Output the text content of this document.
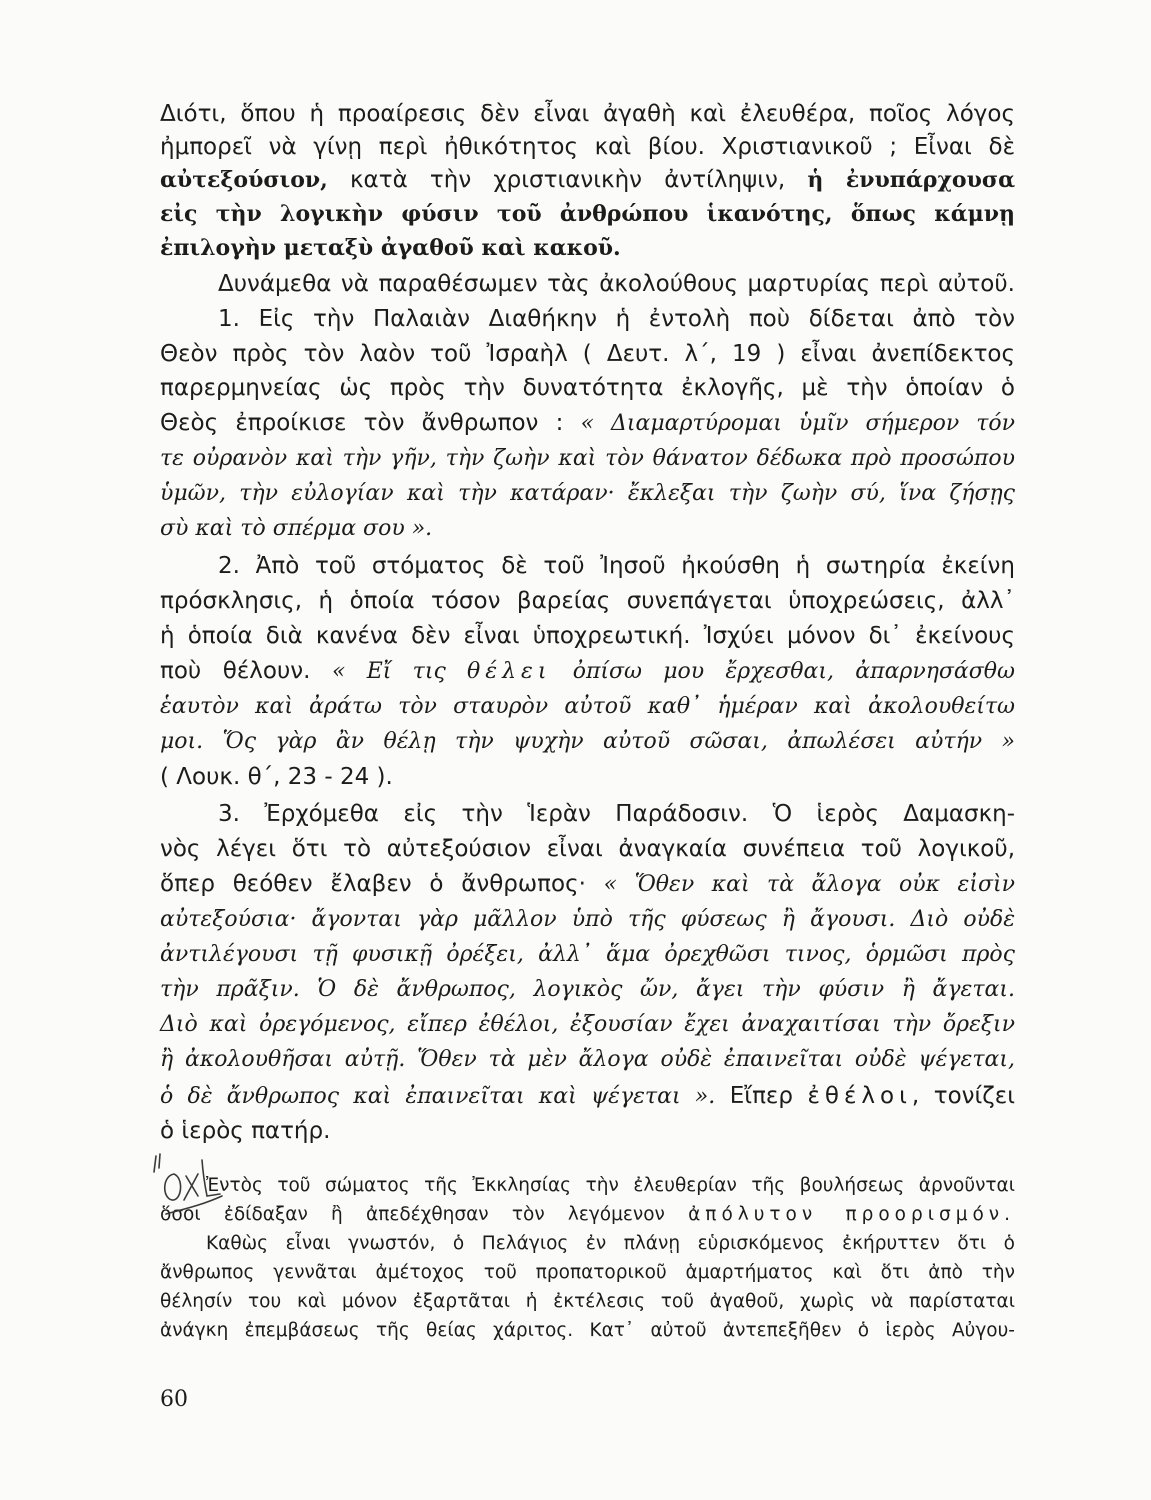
Διότι, ὅπου ἡ προαίρεσις δὲν εἶναι ἀγαθὴ καὶ ἐλευθέρα, ποῖος λόγος
ἠμπορεῖ νὰ γίνῃ περὶ ἠθικότητος καὶ βίου. Χριστιανικοῦ ; Εἶναι δὲ
αὐτεξούσιον, κατὰ τὴν χριστιανικὴν ἀντίληψιν, ἡ ἐνυπάρχουσα
εἰς τὴν λογικὴν φύσιν τοῦ ἀνθρώπου ἱκανότης, ὅπως κάμνῃ
ἐπιλογὴν μεταξὺ ἀγαθοῦ καὶ κακοῦ.
Δυνάμεθα νὰ παραθέσωμεν τὰς ἀκολούθους μαρτυρίας περὶ αὐτοῦ.
1. Εἰς τὴν Παλαιὰν Διαθήκην ἡ ἐντολὴ ποὺ δίδεται ἀπὸ τὸν
Θεὸν πρὸς τὸν λαὸν τοῦ Ἰσραὴλ ( Δευτ. λ΄, 19 ) εἶναι ἀνεπίδεκτος
παρερμηνείας ὡς πρὸς τὴν δυνατότητα ἐκλογῆς, μὲ τὴν ὁποίαν ὁ
Θεὸς ἐπροίκισε τὸν ἄνθρωπον : « Διαμαρτύρομαι ὑμῖν σήμερον τόν
τε οὐρανὸν καὶ τὴν γῆν, τὴν ζωὴν καὶ τὸν θάνατον δέδωκα πρὸ προσώπου
ὑμῶν, τὴν εὐλογίαν καὶ τὴν κατάραν· ἔκλεξαι τὴν ζωὴν σύ, ἵνα ζήσῃς
σὺ καὶ τὸ σπέρμα σου ».
2. Ἀπὸ τοῦ στόματος δὲ τοῦ Ἰησοῦ ἠκούσθη ἡ σωτηρία ἐκείνη
πρόσκλησις, ἡ ὁποία τόσον βαρείας συνεπάγεται ὑποχρεώσεις, ἀλλ᾽
ἡ ὁποία διὰ κανένα δὲν εἶναι ὑποχρεωτική. Ἰσχύει μόνον δι᾽ ἐκείνους
ποὺ θέλουν. « Εἴ τις θέλει ὀπίσω μου ἔρχεσθαι, ἀπαρνησάσθω
ἑαυτὸν καὶ ἀράτω τὸν σταυρὸν αὐτοῦ καθ᾽ ἡμέραν καὶ ἀκολουθείτω
μοι. Ὅς γὰρ ἂν θέλῃ τὴν ψυχὴν αὐτοῦ σῶσαι, ἀπωλέσει αὐτήν »
( Λουκ. θ΄, 23 - 24 ).
3. Ἐρχόμεθα εἰς τὴν Ἱερὰν Παράδοσιν. Ὁ ἱερὸς Δαμασκη-
νὸς λέγει ὅτι τὸ αὐτεξούσιον εἶναι ἀναγκαία συνέπεια τοῦ λογικοῦ,
ὅπερ θεόθεν ἔλαβεν ὁ ἄνθρωπος· « Ὅθεν καὶ τὰ ἄλογα οὐκ εἰσὶν
αὐτεξούσια· ἄγονται γὰρ μᾶλλον ὑπὸ τῆς φύσεως ἢ ἄγουσι. Διὸ οὐδὲ
ἀντιλέγουσι τῇ φυσικῇ ὀρέξει, ἀλλ᾽ ἅμα ὀρεχθῶσι τινος, ὁρμῶσι πρὸς
τὴν πρᾶξιν. Ὁ δὲ ἄνθρωπος, λογικὸς ὤν, ἄγει τὴν φύσιν ἢ ἄγεται.
Διὸ καὶ ὀρεγόμενος, εἴπερ ἐθέλοι, ἐξουσίαν ἔχει ἀναχαιτίσαι τὴν ὄρεξιν
ἢ ἀκολουθῆσαι αὐτῇ. Ὅθεν τὰ μὲν ἄλογα οὐδὲ ἐπαινεῖται οὐδὲ ψέγεται,
ὁ δὲ ἄνθρωπος καὶ ἐπαινεῖται καὶ ψέγεται ». Εἴπερ ἐθέλοι, τονίζει
ὁ ἱερὸς πατήρ.
Ἐντὸς τοῦ σώματος τῆς Ἐκκλησίας τὴν ἐλευθερίαν τῆς βουλήσεως ἀρνοῦνται
ὅσοι ἐδίδαξαν ἢ ἀπεδέχθησαν τὸν λεγόμενον ἀπόλυτον προορισμόν.
Καθὼς εἶναι γνωστόν, ὁ Πελάγιος ἐν πλάνῃ εὑρισκόμενος ἐκήρυττεν ὅτι ὁ
ἄνθρωπος γεννᾶται ἀμέτοχος τοῦ προπατορικοῦ ἁμαρτήματος καὶ ὅτι ἀπὸ τὴν
θέλησίν του καὶ μόνον ἐξαρτᾶται ἡ ἐκτέλεσις τοῦ ἀγαθοῦ, χωρὶς νὰ παρίσταται
ἀνάγκη ἐπεμβάσεως τῆς θείας χάριτος. Κατ᾽ αὐτοῦ ἀντεπεξῆθεν ὁ ἱερὸς Αὐγου-
60
